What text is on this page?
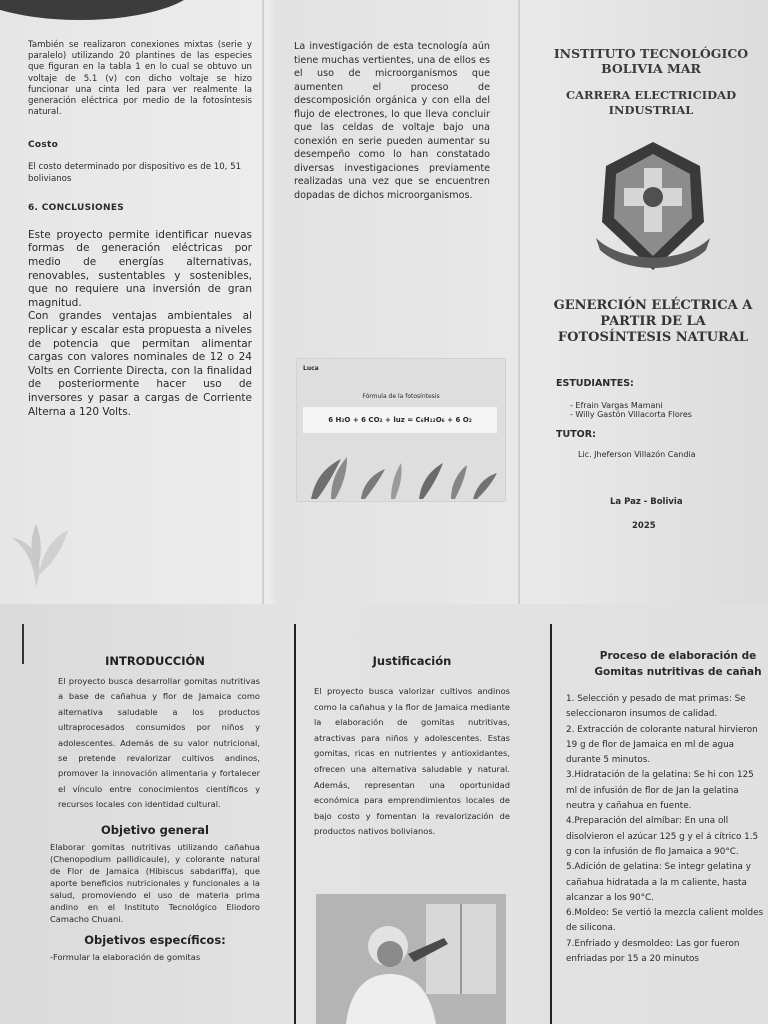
También se realizaron conexiones mixtas (serie y paralelo) utilizando 20 plantines de las especies que figuran en la tabla 1 en lo cual se obtuvo un voltaje de 5.1 (v) con dicho voltaje se hizo funcionar una cinta led para ver realmente la generación eléctrica por medio de la fotosíntesis natural.

Costo

El costo determinado por dispositivo es de 10, 51 bolivianos

6. CONCLUSIONES

Este proyecto permite identificar nuevas formas de generación eléctricas por medio de energías alternativas, renovables, sustentables y sostenibles, que no requiere una inversión de gran magnitud.

Con grandes ventajas ambientales al replicar y escalar esta propuesta a niveles de potencia que permitan alimentar cargas con valores nominales de 12 o 24 Volts en Corriente Directa, con la finalidad de posteriormente hacer uso de inversores y pasar a cargas de Corriente Alterna a 120 Volts.

La investigación de esta tecnología aún tiene muchas vertientes, una de ellos es el uso de microorganismos que aumenten el proceso de descomposición orgánica y con ella del flujo de electrones, lo que lleva concluir que las celdas de voltaje bajo una conexión en serie pueden aumentar su desempeño como lo han constatado diversas investigaciones previamente realizadas una vez que se encuentren dopadas de dichos microorganismos.

Luca
Fórmula de la fotosíntesis
6 H₂O + 6 CO₂ + luz = C₆H₁₂O₆ + 6 O₂
INSTITUTO TECNOLÓGICO
BOLIVIA MAR
CARRERA ELECTRICIDAD
INDUSTRIAL
GENERCIÓN ELÉCTRICA A
PARTIR DE LA
FOTOSÍNTESIS NATURAL
ESTUDIANTES:
- Efrain Vargas Mamani
- Willy Gastón Villacorta Flores
TUTOR:
Lic. Jheferson Villazón Candia
La Paz - Bolivia
2025
INTRODUCCIÓN

El proyecto busca desarrollar gomitas nutritivas a base de cañahua y flor de Jamaica como alternativa saludable a los productos ultraprocesados consumidos por niños y adolescentes. Además de su valor nutricional, se pretende revalorizar cultivos andinos, promover la innovación alimentaria y fortalecer el vínculo entre conocimientos científicos y recursos locales con identidad cultural.

Objetivo general

Elaborar gomitas nutritivas utilizando cañahua (Chenopodium pallidicaule), y colorante natural de Flor de Jamaica (Hibiscus sabdariffa), que aporte beneficios nutricionales y funcionales a la salud, promoviendo el uso de materia prima andino en el Instituto Tecnológico Eliodoro Camacho Chuani.

Objetivos específicos:

-Formular la elaboración de gomitas

Justificación

El proyecto busca valorizar cultivos andinos como la cañahua y la flor de Jamaica mediante la elaboración de gomitas nutritivas, atractivas para niños y adolescentes. Estas gomitas, ricas en nutrientes y antioxidantes, ofrecen una alternativa saludable y natural. Además, representan una oportunidad económica para emprendimientos locales de bajo costo y fomentan la revalorización de productos nativos bolivianos.

Proceso de elaboración de
Gomitas nutritivas de cañah

1. Selección y pesado de mat primas: Se seleccionaron insumos de calidad.

2. Extracción de colorante natural hirvieron 19 g de flor de Jamaica en ml de agua durante 5 minutos.

3.Hidratación de la gelatina: Se hi con 125 ml de infusión de flor de Jan la gelatina neutra y cañahua en fuente.

4.Preparación del almíbar: En una oll disolvieron el azúcar 125 g y el á cítrico 1.5 g con la infusión de flo Jamaica a 90°C.

5.Adición de gelatina: Se integr gelatina y cañahua hidratada a la m caliente, hasta alcanzar a los 90°C.

6.Moldeo: Se vertió la mezcla calient moldes de silicona.

7.Enfriado y desmoldeo: Las gor fueron enfriadas por 15 a 20 minutos
